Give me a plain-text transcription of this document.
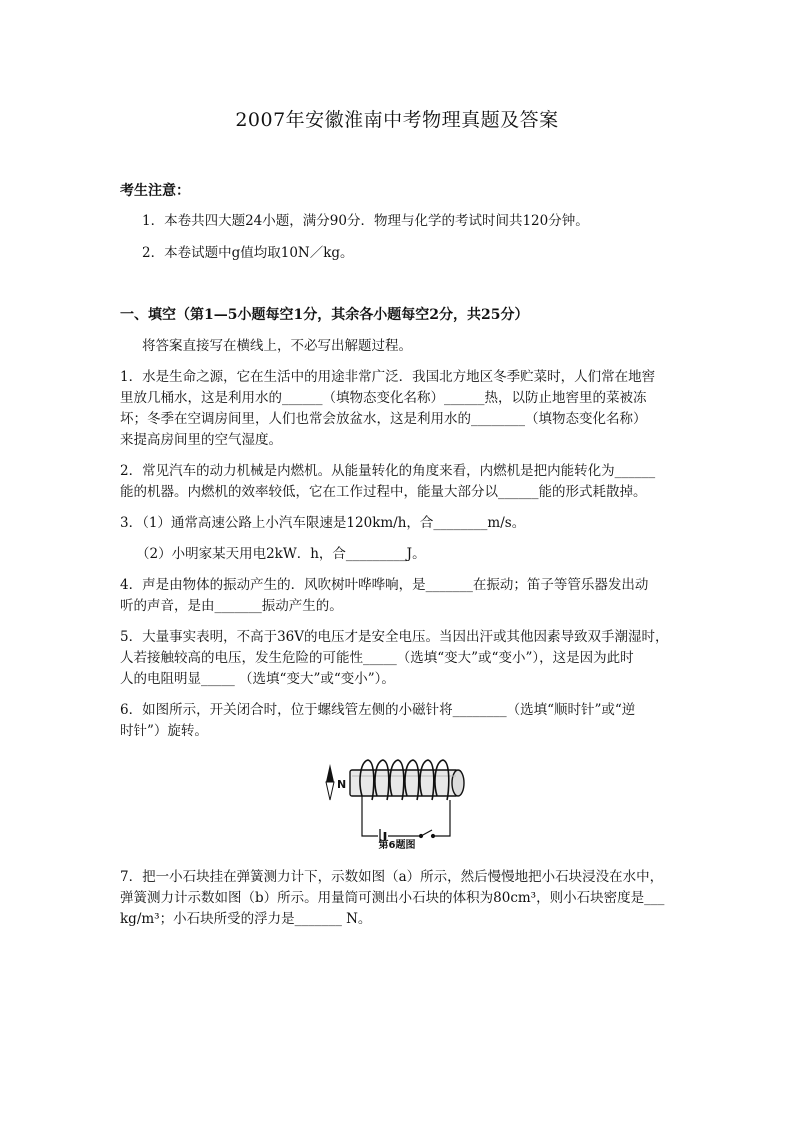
2007年安徽淮南中考物理真题及答案
考生注意：
1．本卷共四大题24小题，满分90分．物理与化学的考试时间共120分钟。
2．本卷试题中g值均取10N／kg。
一、填空（第1—5小题每空1分，其余各小题每空2分，共25分）
将答案直接写在横线上，不必写出解题过程。
1．水是生命之源，它在生活中的用途非常广泛．我国北方地区冬季贮菜时，人们常在地窖
里放几桶水，这是利用水的______（填物态变化名称）______热，以防止地窖里的菜被冻
坏；冬季在空调房间里，人们也常会放盆水，这是利用水的________（填物态变化名称）
来提高房间里的空气湿度。
2．常见汽车的动力机械是内燃机。从能量转化的角度来看，内燃机是把内能转化为______
能的机器。内燃机的效率较低，它在工作过程中，能量大部分以______能的形式耗散掉。
3．（1）通常高速公路上小汽车限速是120km/h，合________m/s。
（2）小明家某天用电2kW．h，合_________J。
4．声是由物体的振动产生的．风吹树叶哗哗响，是_______在振动；笛子等管乐器发出动
听的声音，是由_______振动产生的。
5．大量事实表明，不高于36V的电压才是安全电压。当因出汗或其他因素导致双手潮湿时，
人若接触较高的电压，发生危险的可能性_____（选填“变大”或“变小”），这是因为此时
人的电阻明显_____ （选填“变大”或“变小”）。
6．如图所示，开关闭合时，位于螺线管左侧的小磁针将________（选填“顺时针”或“逆
时针”）旋转。
N
第6题图
7．把一小石块挂在弹簧测力计下，示数如图（a）所示，然后慢慢地把小石块浸没在水中，
弹簧测力计示数如图（b）所示。用量筒可测出小石块的体积为80cm³，则小石块密度是___
kg/m³；小石块所受的浮力是_______ N。
